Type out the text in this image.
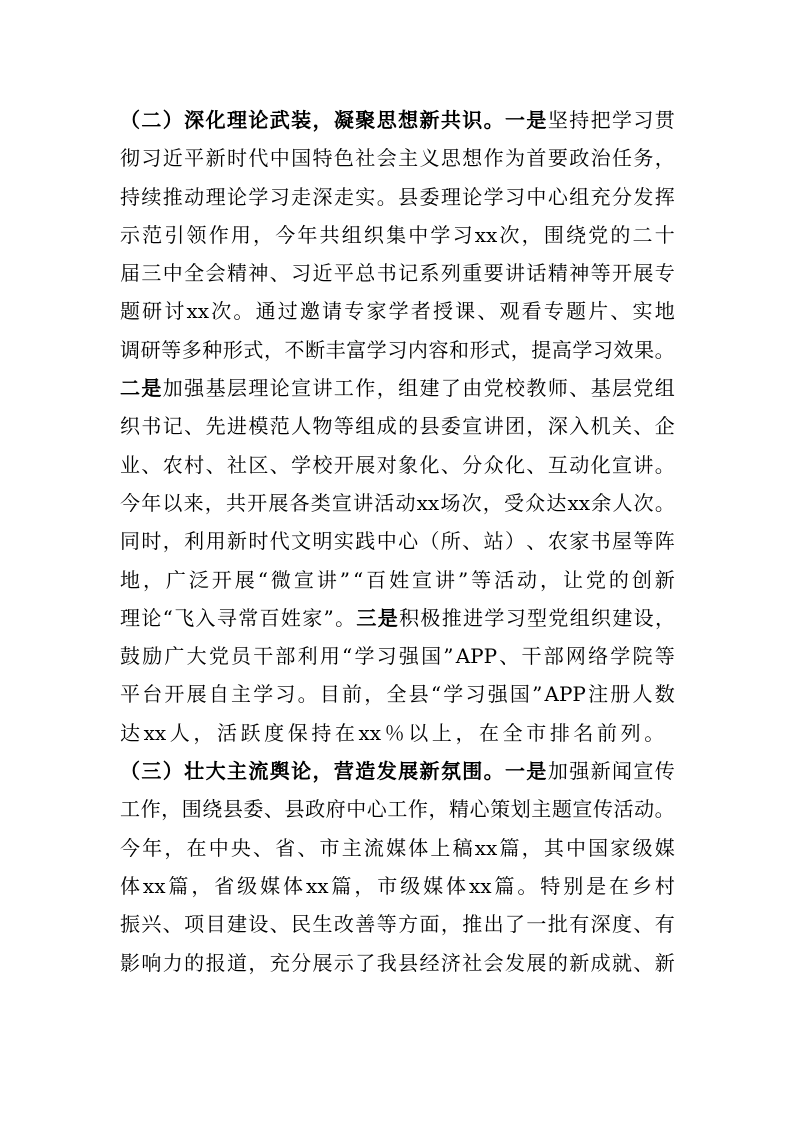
（ 二 ） 深 化 理 论 武 装 ， 凝 聚 思 想 新 共 识 。 一 是 坚 持 把 学 习 贯
彻 习 近 平 新 时 代 中 国 特 色 社 会 主 义 思 想 作 为 首 要 政 治 任 务 ，
持 续 推 动 理 论 学 习 走 深 走 实 。 县 委 理 论 学 习 中 心 组 充 分 发 挥
示 范 引 领 作 用 ， 今 年 共 组 织 集 中 学 习 xx 次 ， 围 绕 党 的 二 十
届 三 中 全 会 精 神 、 习 近 平 总 书 记 系 列 重 要 讲 话 精 神 等 开 展 专
题 研 讨 xx 次 。 通 过 邀 请 专 家 学 者 授 课 、 观 看 专 题 片 、 实 地
调 研 等 多 种 形 式 ， 不 断 丰 富 学 习 内 容 和 形 式 ， 提 高 学 习 效 果 。
二 是 加 强 基 层 理 论 宣 讲 工 作 ， 组 建 了 由 党 校 教 师 、 基 层 党 组
织 书 记 、 先 进 模 范 人 物 等 组 成 的 县 委 宣 讲 团 ， 深 入 机 关 、 企
业 、 农 村 、 社 区 、 学 校 开 展 对 象 化 、 分 众 化 、 互 动 化 宣 讲 。
今 年 以 来 ， 共 开 展 各 类 宣 讲 活 动 xx 场 次 ， 受 众 达 xx 余 人 次 。
同 时 ， 利 用 新 时 代 文 明 实 践 中 心 （ 所 、 站 ） 、 农 家 书 屋 等 阵
地 ， 广 泛 开 展 “ 微 宣 讲 ” “ 百 姓 宣 讲 ” 等 活 动 ， 让 党 的 创 新
理 论 “ 飞 入 寻 常 百 姓 家 ” 。 三 是 积 极 推 进 学 习 型 党 组 织 建 设 ，
鼓 励 广 大 党 员 干 部 利 用 “ 学 习 强 国 ” APP 、 干 部 网 络 学 院 等
平 台 开 展 自 主 学 习 。 目 前 ， 全 县 “ 学 习 强 国 ” APP 注 册 人 数
达 xx 人 ， 活 跃 度 保 持 在 xx ％ 以 上 ， 在 全 市 排 名 前 列 。
（ 三 ） 壮 大 主 流 舆 论 ， 营 造 发 展 新 氛 围 。 一 是 加 强 新 闻 宣 传
工 作 ， 围 绕 县 委 、 县 政 府 中 心 工 作 ， 精 心 策 划 主 题 宣 传 活 动 。
今 年 ， 在 中 央 、 省 、 市 主 流 媒 体 上 稿 xx 篇 ， 其 中 国 家 级 媒
体 xx 篇 ， 省 级 媒 体 xx 篇 ， 市 级 媒 体 xx 篇 。 特 别 是 在 乡 村
振 兴 、 项 目 建 设 、 民 生 改 善 等 方 面 ， 推 出 了 一 批 有 深 度 、 有
影 响 力 的 报 道 ， 充 分 展 示 了 我 县 经 济 社 会 发 展 的 新 成 就 、 新
